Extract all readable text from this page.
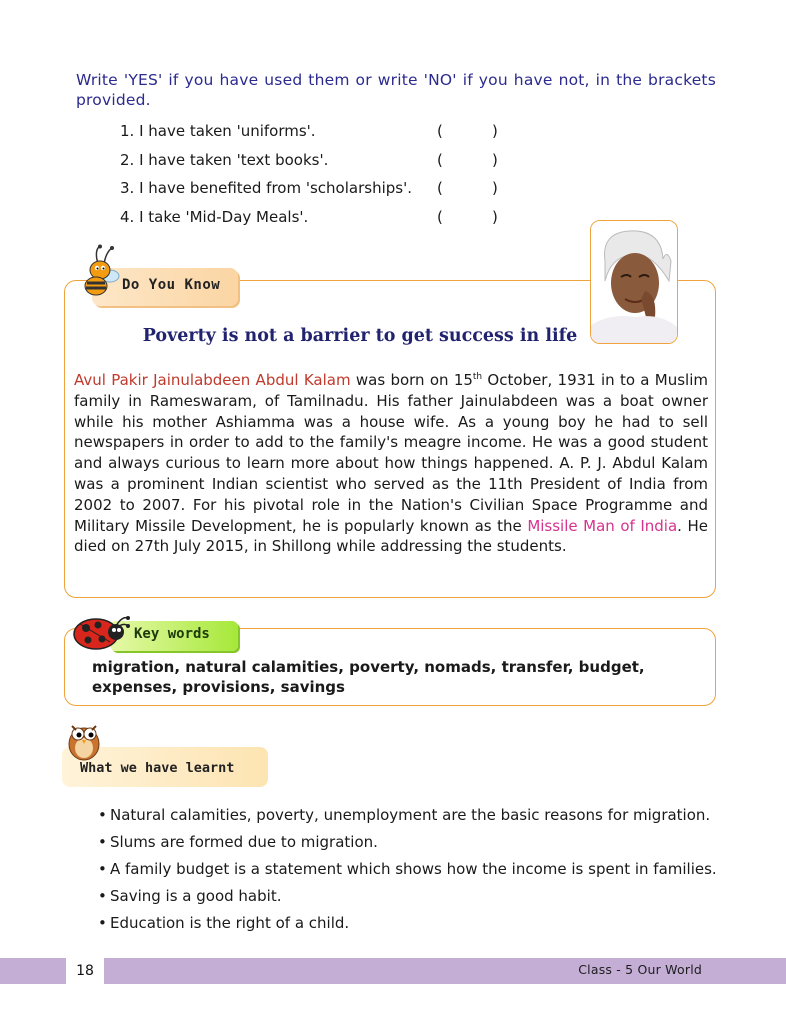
Write 'YES' if you have used them or write 'NO' if you have not, in the brackets provided.
1. I have taken 'uniforms'.	(	)
2. I have taken 'text books'.	(	)
3. I have benefited from 'scholarships'. (	)
4. I take 'Mid-Day Meals'.	(	)
Do You Know
Poverty is not a barrier to get success in life
Avul Pakir Jainulabdeen Abdul Kalam was born on 15th October, 1931 in to a Muslim family in Rameswaram, of Tamilnadu. His father Jainulabdeen was a boat owner while his mother Ashiamma was a house wife. As a young boy he had to sell newspapers in order to add to the family's meagre income. He was a good student and always curious to learn more about how things happened. A. P. J. Abdul Kalam was a prominent Indian scientist who served as the 11th President of India from 2002 to 2007. For his pivotal role in the Nation's Civilian Space Programme and Military Missile Development, he is popularly known as the Missile Man of India. He died on 27th July 2015, in Shillong while addressing the students.
Key words
migration, natural calamities, poverty, nomads, transfer, budget, expenses, provisions, savings
What we have learnt
• Natural calamities, poverty, unemployment are the basic reasons for migration.
• Slums are formed due to migration.
• A family budget is a statement which shows how the income is spent in families.
• Saving is a good habit.
• Education is the right of a child.
18	Class - 5 Our World
